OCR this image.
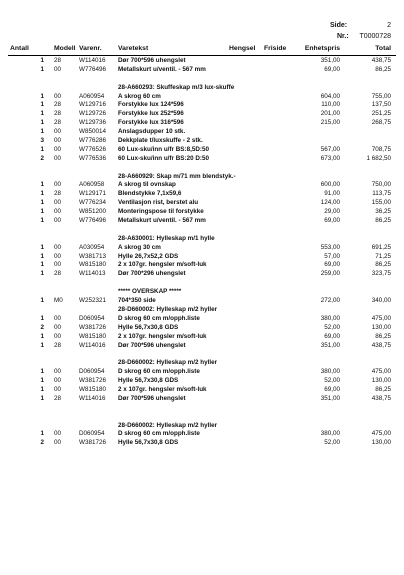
Side:	2
Nr.:	T0000728
Antall	Modell Varenr. Varetekst	Hengsel Friside	Enhetspris	Total
1 28	W114016 Dør 700*596 uhengslet	351,00	438,75
1 00	W776496 Metallskurt u/ventil. - 567 mm	69,00	86,25
28-A660293: Skuffeskap m/3 lux-skuffe
1 00	A060954 A skrog 60 cm	604,00	755,00
1 28	W129716 Forstykke lux 124*596	110,00	137,50
1 28	W129726 Forstykke lux 252*596	201,00	251,25
1 28	W129736 Forstykke lux 316*596	215,00	268,75
1 00	W850014 Anslagsdupper 10 stk.
3 00	W776286 Dekkplate t/luxskuffe - 2 stk.
1 00	W776526 60 Lux-sku/inn u/fr BS:8,5D:50	567,00	708,75
2 00	W776536 60 Lux-sku/inn u/fr BS:20 D:50	673,00	1 682,50
28-A660929: Skap m/71 mm blendstyk.-
1 00	A060958 A skrog til ovnskap	600,00	750,00
1 28	W129171 Blendstykke 7,1x59,6	91,00	113,75
1 00	W776234 Ventilasjon rist, berstet alu	124,00	155,00
1 00	W851200 Monteringspose til forstykke	29,00	36,25
1 00	W776496 Metallskurt u/ventil. - 567 mm	69,00	86,25
28-A630001: Hylleskap m/1 hylle
1 00	A030954 A skrog 30 cm	553,00	691,25
1 00	W381713 Hylle 26,7x52,2 GDS	57,00	71,25
1 00	W815180 2 x 107gr. hengsler m/soft-luk	69,00	86,25
1 28	W114013 Dør 700*296 uhengslet	259,00	323,75
***** OVERSKAP *****
1 M0	W252321 704*350 side	272,00	340,00
28-D660002: Hylleskap m/2 hyller
1 00	D060954 D skrog 60 cm m/opph.liste	380,00	475,00
2 00	W381726 Hylle 56,7x30,8 GDS	52,00	130,00
1 00	W815180 2 x 107gr. hengsler m/soft-luk	69,00	86,25
1 28	W114016 Dør 700*596 uhengslet	351,00	438,75
28-D660002: Hylleskap m/2 hyller
1 00	D060954 D skrog 60 cm m/opph.liste	380,00	475,00
1 00	W381726 Hylle 56,7x30,8 GDS	52,00	130,00
1 00	W815180 2 x 107gr. hengsler m/soft-luk	69,00	86,25
1 28	W114016 Dør 700*596 uhengslet	351,00	438,75
28-D660002: Hylleskap m/2 hyller
1 00	D060954 D skrog 60 cm m/opph.liste	380,00	475,00
2 00	W381726 Hylle 56,7x30,8 GDS	52,00	130,00
